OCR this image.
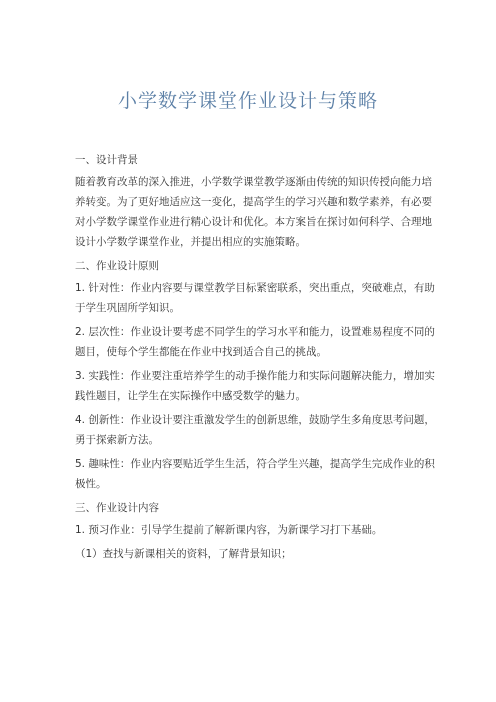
小学数学课堂作业设计与策略
一、设计背景
随着教育改革的深入推进，小学数学课堂教学逐渐由传统的知识传授向能力培
养转变。为了更好地适应这一变化，提高学生的学习兴趣和数学素养，有必要
对小学数学课堂作业进行精心设计和优化。本方案旨在探讨如何科学、合理地
设计小学数学课堂作业，并提出相应的实施策略。
二、作业设计原则
1. 针对性：作业内容要与课堂教学目标紧密联系，突出重点，突破难点，有助
于学生巩固所学知识。
2. 层次性：作业设计要考虑不同学生的学习水平和能力，设置难易程度不同的
题目，使每个学生都能在作业中找到适合自己的挑战。
3. 实践性：作业要注重培养学生的动手操作能力和实际问题解决能力，增加实
践性题目，让学生在实际操作中感受数学的魅力。
4. 创新性：作业设计要注重激发学生的创新思维，鼓励学生多角度思考问题，
勇于探索新方法。
5. 趣味性：作业内容要贴近学生生活，符合学生兴趣，提高学生完成作业的积
极性。
三、作业设计内容
1. 预习作业：引导学生提前了解新课内容，为新课学习打下基础。
（1）查找与新课相关的资料，了解背景知识；
